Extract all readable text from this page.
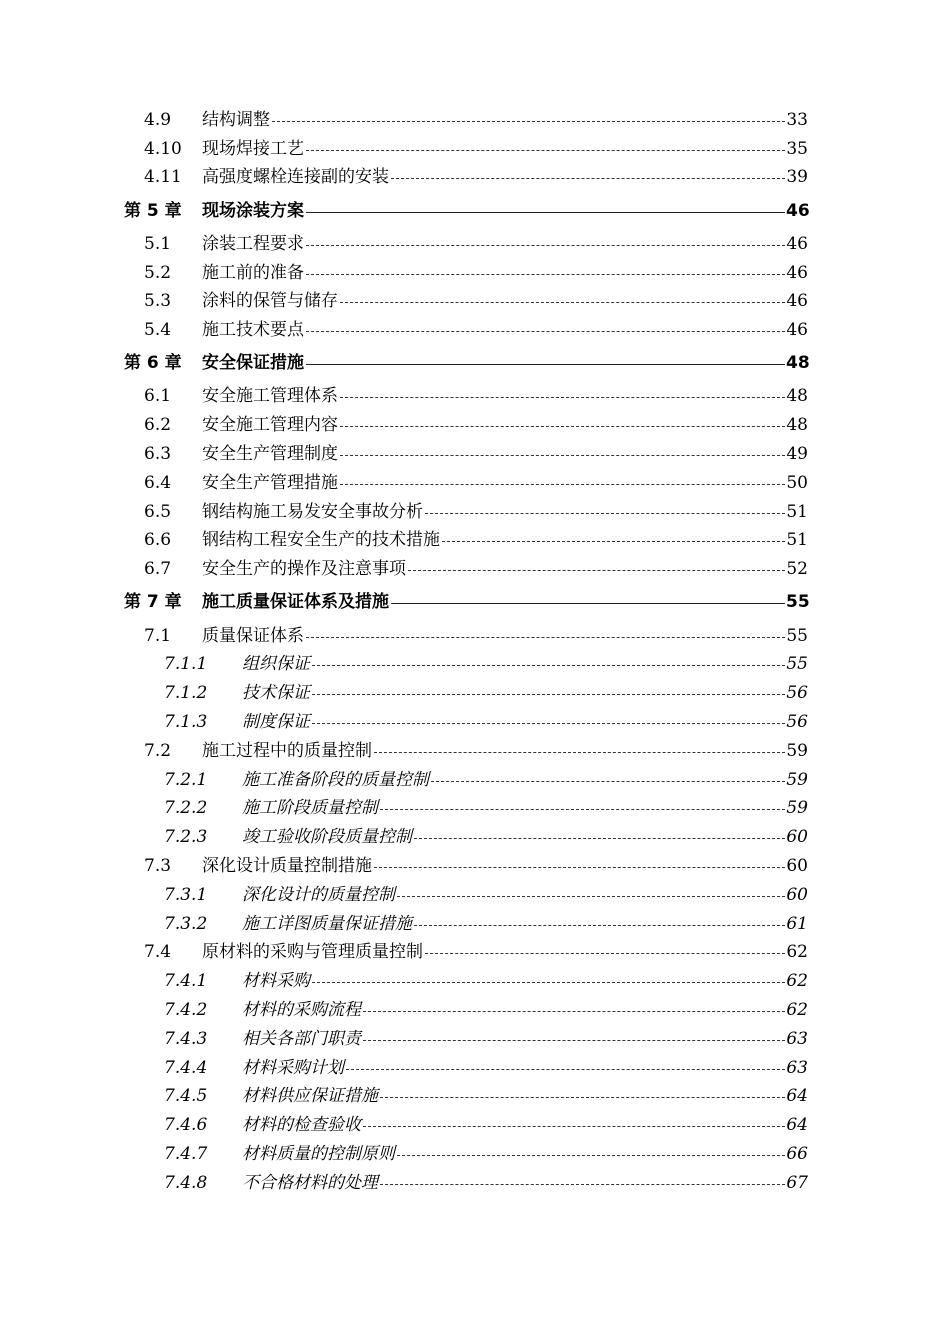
4.9	结构调整	33
4.10	现场焊接工艺	35
4.11	高强度螺栓连接副的安装	39
第 5 章	现场涂装方案	46
5.1	涂装工程要求	46
5.2	施工前的准备	46
5.3	涂料的保管与储存	46
5.4	施工技术要点	46
第 6 章	安全保证措施	48
6.1	安全施工管理体系	48
6.2	安全施工管理内容	48
6.3	安全生产管理制度	49
6.4	安全生产管理措施	50
6.5	钢结构施工易发安全事故分析	51
6.6	钢结构工程安全生产的技术措施	51
6.7	安全生产的操作及注意事项	52
第 7 章	施工质量保证体系及措施	55
7.1	质量保证体系	55
7.1.1	组织保证	55
7.1.2	技术保证	56
7.1.3	制度保证	56
7.2	施工过程中的质量控制	59
7.2.1	施工准备阶段的质量控制	59
7.2.2	施工阶段质量控制	59
7.2.3	竣工验收阶段质量控制	60
7.3	深化设计质量控制措施	60
7.3.1	深化设计的质量控制	60
7.3.2	施工详图质量保证措施	61
7.4	原材料的采购与管理质量控制	62
7.4.1	材料采购	62
7.4.2	材料的采购流程	62
7.4.3	相关各部门职责	63
7.4.4	材料采购计划	63
7.4.5	材料供应保证措施	64
7.4.6	材料的检查验收	64
7.4.7	材料质量的控制原则	66
7.4.8	不合格材料的处理	67
